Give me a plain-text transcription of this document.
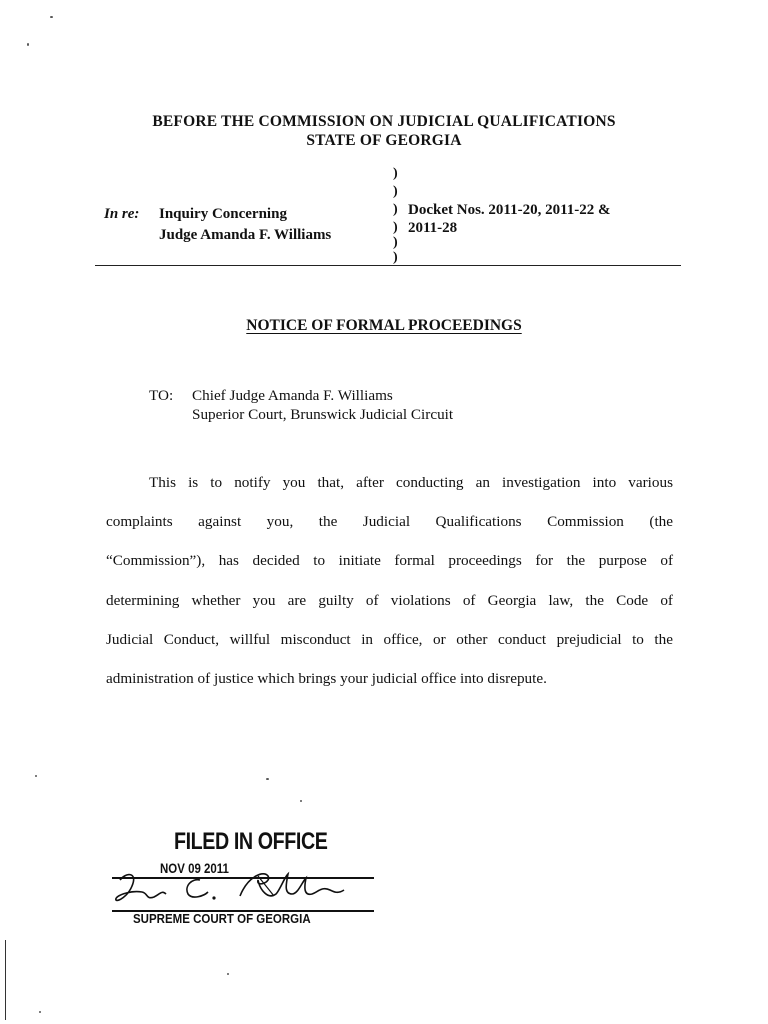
BEFORE THE COMMISSION ON JUDICIAL QUALIFICATIONS
STATE OF GEORGIA
)
)
)
)
)
)
In re: Inquiry Concerning
Judge Amanda F. Williams
Docket Nos. 2011-20, 2011-22 &
2011-28
NOTICE OF FORMAL PROCEEDINGS
TO: Chief Judge Amanda F. Williams
Superior Court, Brunswick Judicial Circuit
This is to notify you that, after conducting an investigation into various
complaints against you, the Judicial Qualifications Commission (the
“Commission”), has decided to initiate formal proceedings for the purpose of
determining whether you are guilty of violations of Georgia law, the Code of
Judicial Conduct, willful misconduct in office, or other conduct prejudicial to the
administration of justice which brings your judicial office into disrepute.
FILED IN OFFICE
NOV 09 2011
SUPREME COURT OF GEORGIA
